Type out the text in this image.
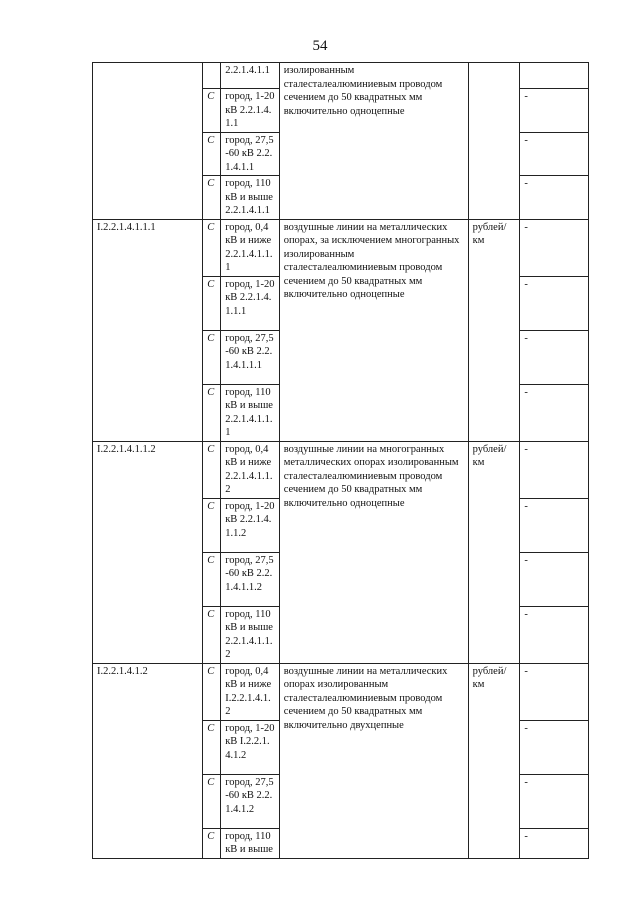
54
		2.2.1.4.1.1	изолированным сталесталеалюминиевым проводом сечением до 50 квадратных мм включительно одноцепные		
	С	город, 1-20 кВ 2.2.1.4.1.1			-
	С	город, 27,5-60 кВ 2.2.1.4.1.1			-
	С	город, 110 кВ и выше 2.2.1.4.1.1			-
I.2.2.1.4.1.1.1	С	город, 0,4 кВ и ниже 2.2.1.4.1.1.1	воздушные линии на металлических опорах, за исключением многогранных изолированным сталесталеалюминиевым проводом сечением до 50 квадратных мм включительно одноцепные	рублей/км	-
	С	город, 1-20 кВ 2.2.1.4.1.1.1			-
	С	город, 27,5-60 кВ 2.2.1.4.1.1.1			-
	С	город, 110 кВ и выше 2.2.1.4.1.1.1			-
I.2.2.1.4.1.1.2	С	город, 0,4 кВ и ниже 2.2.1.4.1.1.2	воздушные линии на многогранных металлических опорах изолированным сталесталеалюминиевым проводом сечением до 50 квадратных мм включительно одноцепные	рублей/км	-
	С	город, 1-20 кВ 2.2.1.4.1.1.2			-
	С	город, 27,5-60 кВ 2.2.1.4.1.1.2			-
	С	город, 110 кВ и выше 2.2.1.4.1.1.2			-
I.2.2.1.4.1.2	С	город, 0,4 кВ и ниже I.2.2.1.4.1.2	воздушные линии на металлических опорах изолированным сталесталеалюминиевым проводом сечением до 50 квадратных мм включительно двухцепные	рублей/км	-
	С	город, 1-20 кВ I.2.2.1.4.1.2			-
	С	город, 27,5-60 кВ 2.2.1.4.1.2			-
	С	город, 110 кВ и выше			-
